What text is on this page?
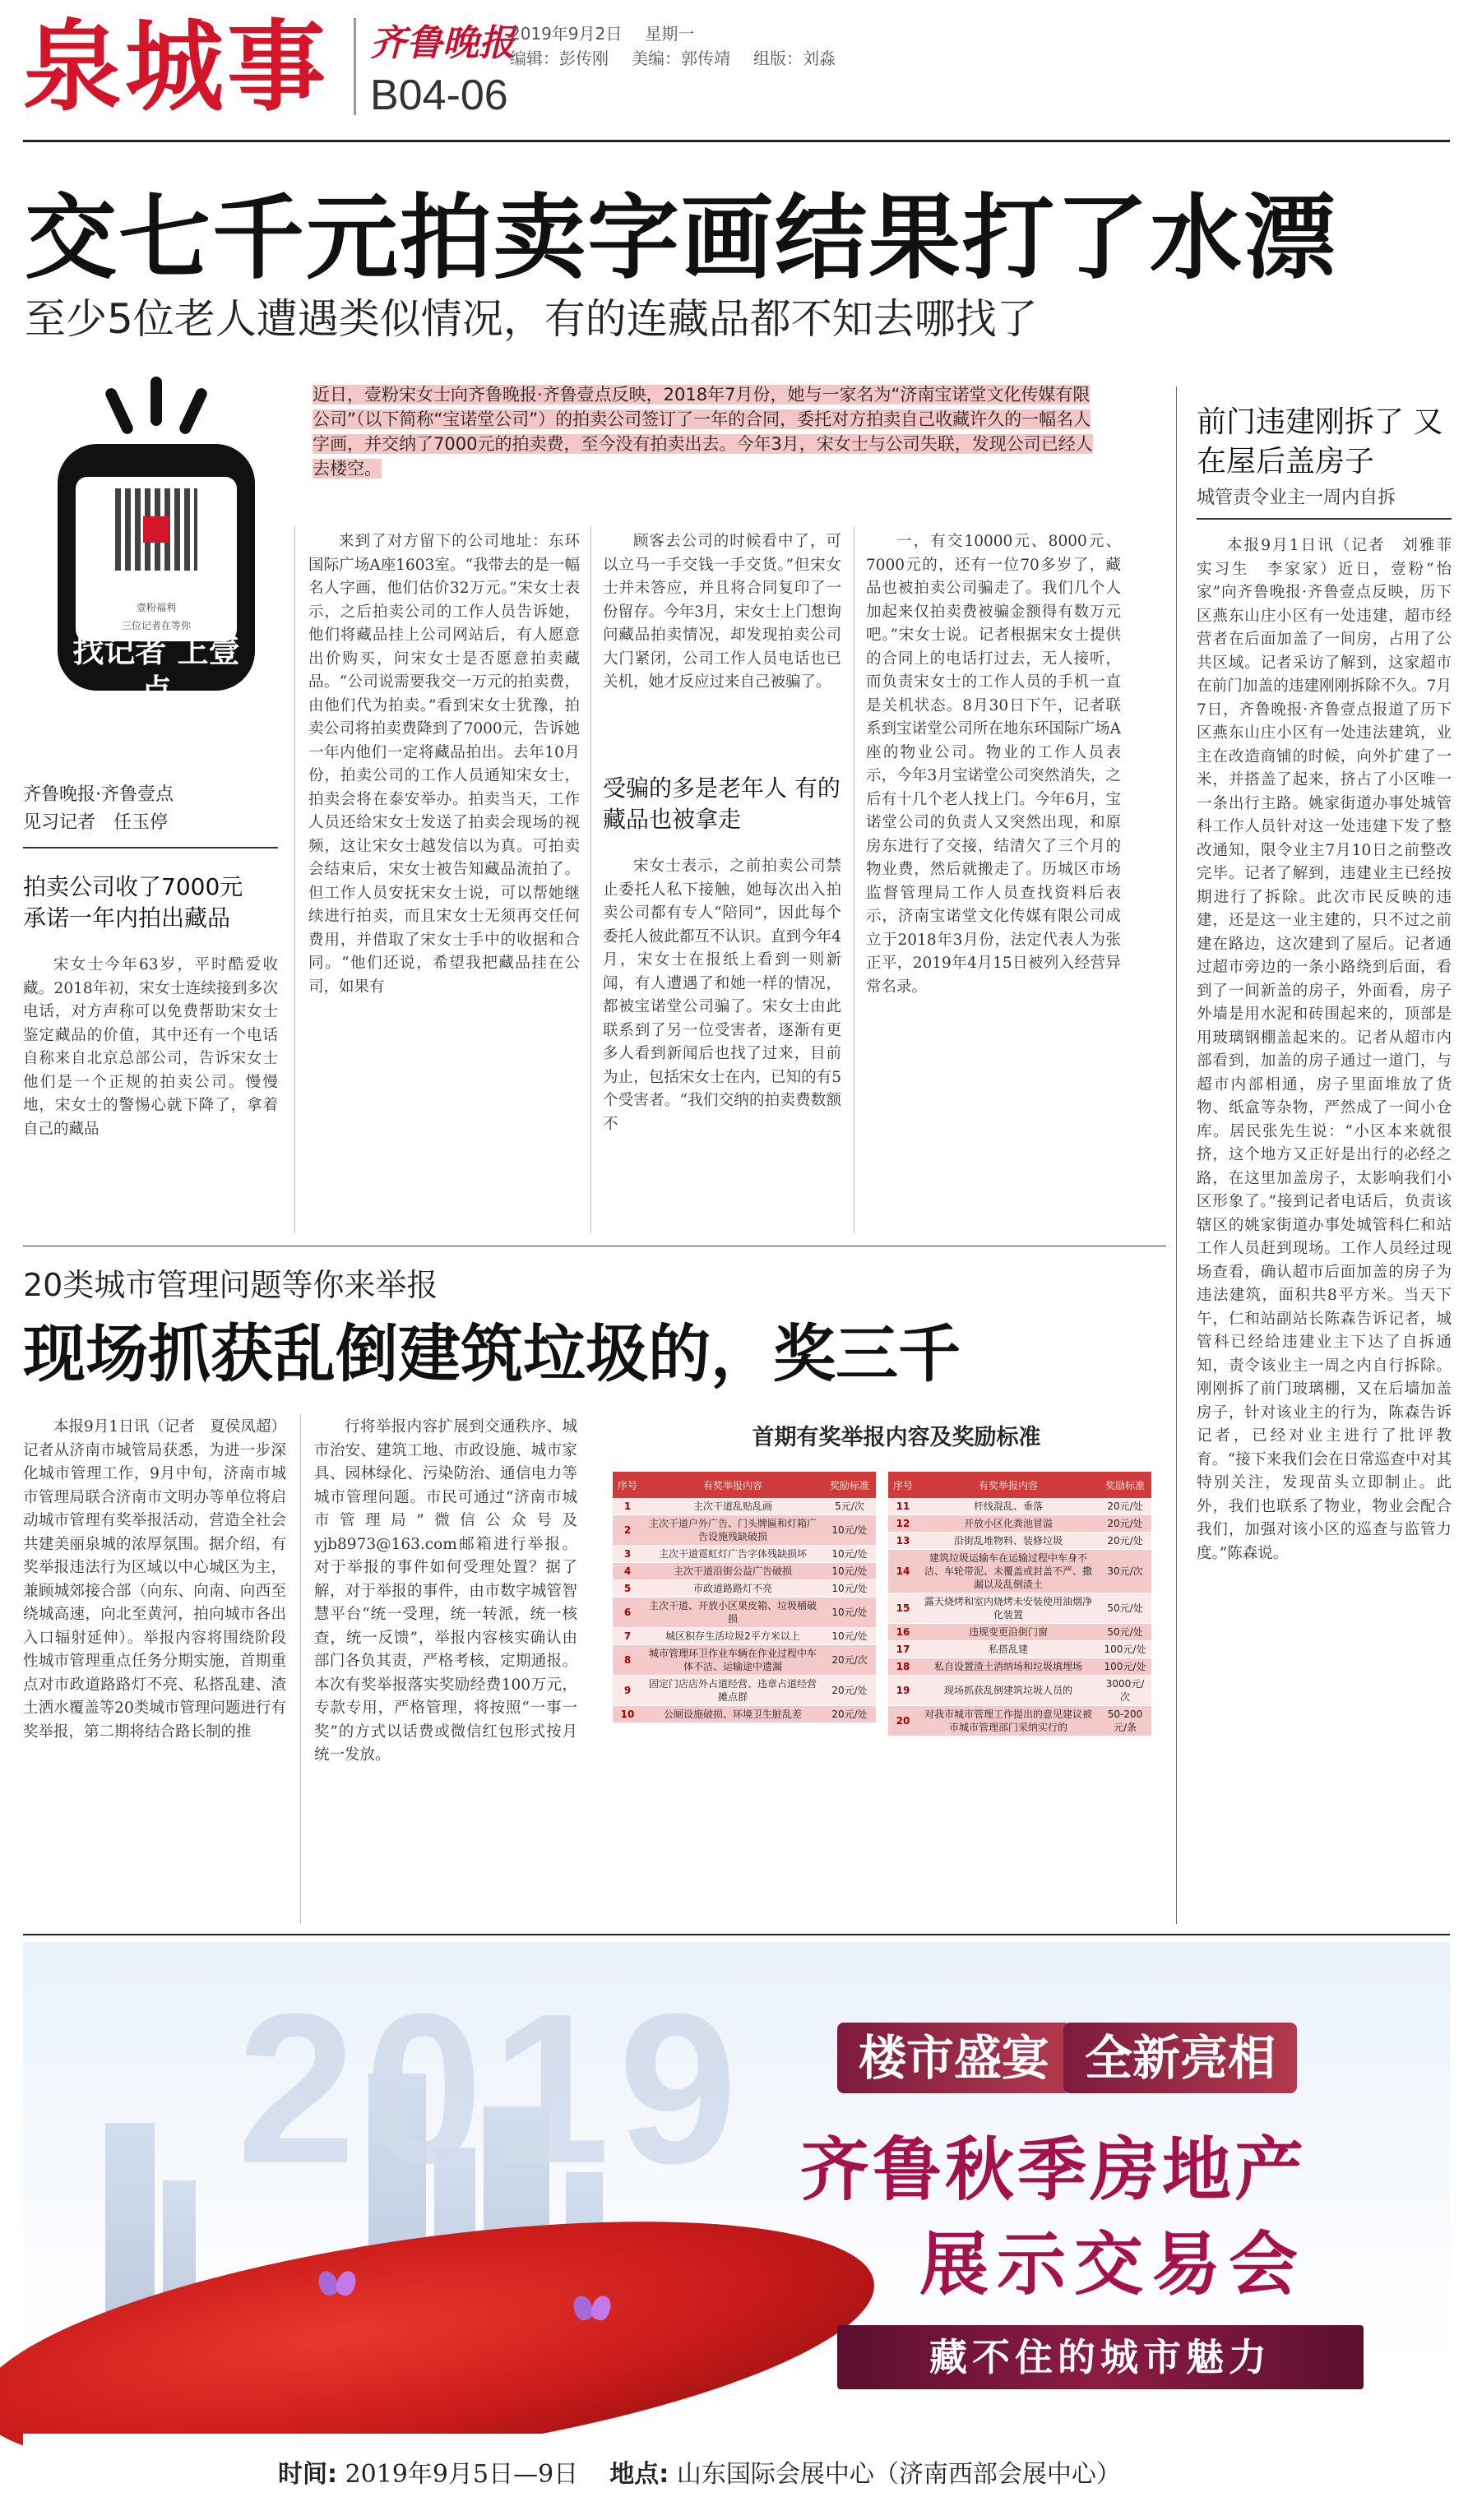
泉城事 齐鲁晚报
B04-06
2019年9月2日 星期一
编辑：彭传刚 美编：郭传靖 组版：刘淼
交七千元拍卖字画结果打了水漂
至少5位老人遭遇类似情况，有的连藏品都不知去哪找了
近日，壹粉宋女士向齐鲁晚报·齐鲁壹点反映，2018年7月份，她与一家名为“济南宝诺堂文化传媒有限公司”（以下简称“宝诺堂公司”）的拍卖公司签订了一年的合同，委托对方拍卖自己收藏许久的一幅名人字画，并交纳了7000元的拍卖费，至今没有拍卖出去。今年3月，宋女士与公司失联，发现公司已经人去楼空。
壹粉福利
三位记者在等你
找记者 上壹点
齐鲁晚报·齐鲁壹点
见习记者　任玉停
拍卖公司收了7000元 承诺一年内拍出藏品

宋女士今年63岁，平时酷爱收藏。2018年初，宋女士连续接到多次电话，对方声称可以免费帮助宋女士鉴定藏品的价值，其中还有一个电话自称来自北京总部公司，告诉宋女士他们是一个正规的拍卖公司。慢慢地，宋女士的警惕心就下降了，拿着自己的藏品

来到了对方留下的公司地址：东环国际广场A座1603室。“我带去的是一幅名人字画，他们估价32万元。”宋女士表示，之后拍卖公司的工作人员告诉她，他们将藏品挂上公司网站后，有人愿意出价购买，问宋女士是否愿意拍卖藏品。“公司说需要我交一万元的拍卖费，由他们代为拍卖。”看到宋女士犹豫，拍卖公司将拍卖费降到了7000元，告诉她一年内他们一定将藏品拍出。去年10月份，拍卖公司的工作人员通知宋女士，拍卖会将在泰安举办。拍卖当天，工作人员还给宋女士发送了拍卖会现场的视频，这让宋女士越发信以为真。可拍卖会结束后，宋女士被告知藏品流拍了。但工作人员安抚宋女士说，可以帮她继续进行拍卖，而且宋女士无须再交任何费用，并借取了宋女士手中的收据和合同。“他们还说，希望我把藏品挂在公司，如果有

顾客去公司的时候看中了，可以立马一手交钱一手交货。”但宋女士并未答应，并且将合同复印了一份留存。今年3月，宋女士上门想询问藏品拍卖情况，却发现拍卖公司大门紧闭，公司工作人员电话也已关机，她才反应过来自己被骗了。

受骗的多是老年人 有的藏品也被拿走

宋女士表示，之前拍卖公司禁止委托人私下接触，她每次出入拍卖公司都有专人“陪同”，因此每个委托人彼此都互不认识。直到今年4月，宋女士在报纸上看到一则新闻，有人遭遇了和她一样的情况，都被宝诺堂公司骗了。宋女士由此联系到了另一位受害者，逐渐有更多人看到新闻后也找了过来，目前为止，包括宋女士在内，已知的有5个受害者。“我们交纳的拍卖费数额不

一，有交10000元、8000元、7000元的，还有一位70多岁了，藏品也被拍卖公司骗走了。我们几个人加起来仅拍卖费被骗金额得有数万元吧。”宋女士说。记者根据宋女士提供的合同上的电话打过去，无人接听，而负责宋女士的工作人员的手机一直是关机状态。8月30日下午，记者联系到宝诺堂公司所在地东环国际广场A座的物业公司。物业的工作人员表示，今年3月宝诺堂公司突然消失，之后有十几个老人找上门。今年6月，宝诺堂公司的负责人又突然出现，和原房东进行了交接，结清欠了三个月的物业费，然后就搬走了。历城区市场监督管理局工作人员查找资料后表示，济南宝诺堂文化传媒有限公司成立于2018年3月份，法定代表人为张正平，2019年4月15日被列入经营异常名录。

前门违建刚拆了 又在屋后盖房子
城管责令业主一周内自拆

本报9月1日讯（记者　刘雅菲　实习生　李家家）近日，壹粉“怡家”向齐鲁晚报·齐鲁壹点反映，历下区燕东山庄小区有一处违建，超市经营者在后面加盖了一间房，占用了公共区域。记者采访了解到，这家超市在前门加盖的违建刚刚拆除不久。7月7日，齐鲁晚报·齐鲁壹点报道了历下区燕东山庄小区有一处违法建筑，业主在改造商铺的时候，向外扩建了一米，并搭盖了起来，挤占了小区唯一一条出行主路。姚家街道办事处城管科工作人员针对这一处违建下发了整改通知，限令业主7月10日之前整改完毕。记者了解到，违建业主已经按期进行了拆除。此次市民反映的违建，还是这一业主建的，只不过之前建在路边，这次建到了屋后。记者通过超市旁边的一条小路绕到后面，看到了一间新盖的房子，外面看，房子外墙是用水泥和砖围起来的，顶部是用玻璃钢棚盖起来的。记者从超市内部看到，加盖的房子通过一道门，与超市内部相通，房子里面堆放了货物、纸盒等杂物，严然成了一间小仓库。居民张先生说：“小区本来就很挤，这个地方又正好是出行的必经之路，在这里加盖房子，太影响我们小区形象了。”接到记者电话后，负责该辖区的姚家街道办事处城管科仁和站工作人员赶到现场。工作人员经过现场查看，确认超市后面加盖的房子为违法建筑，面积共8平方米。当天下午，仁和站副站长陈森告诉记者，城管科已经给违建业主下达了自拆通知，责令该业主一周之内自行拆除。刚刚拆了前门玻璃棚，又在后墙加盖房子，针对该业主的行为，陈森告诉记者，已经对业主进行了批评教育。“接下来我们会在日常巡查中对其特别关注，发现苗头立即制止。此外，我们也联系了物业，物业会配合我们，加强对该小区的巡查与监管力度。”陈森说。

20类城市管理问题等你来举报
现场抓获乱倒建筑垃圾的，奖三千

本报9月1日讯（记者　夏侯凤超）记者从济南市城管局获悉，为进一步深化城市管理工作，9月中旬，济南市城市管理局联合济南市文明办等单位将启动城市管理有奖举报活动，营造全社会共建美丽泉城的浓厚氛围。据介绍，有奖举报违法行为区域以中心城区为主，兼顾城郊接合部（向东、向南、向西至绕城高速，向北至黄河，拍向城市各出入口辐射延伸）。举报内容将围绕阶段性城市管理重点任务分期实施，首期重点对市政道路路灯不亮、私搭乱建、渣土洒水覆盖等20类城市管理问题进行有奖举报，第二期将结合路长制的推

行将举报内容扩展到交通秩序、城市治安、建筑工地、市政设施、城市家具、园林绿化、污染防治、通信电力等城市管理问题。市民可通过“济南市城市管理局”微信公众号及yjb8973@163.com邮箱进行举报。对于举报的事件如何受理处置？据了解，对于举报的事件，由市数字城管智慧平台“统一受理，统一转派，统一核查，统一反馈”，举报内容核实确认由部门各负其责，严格考核，定期通报。本次有奖举报落实奖励经费100万元，专款专用，严格管理，将按照“一事一奖”的方式以话费或微信红包形式按月统一发放。

首期有奖举报内容及奖励标准
序号	有奖举报内容	奖励标准
1	主次干道乱贴乱画	5元/次
2	主次干道户外广告、门头牌匾和灯箱广告设施残缺破损	10元/处
3	主次干道霓虹灯广告字体残缺损坏	10元/处
4	主次干道沿街公益广告破损	10元/处
5	市政道路路灯不亮	10元/处
6	主次干道、开放小区果皮箱、垃圾桶破损	10元/处
7	城区积存生活垃圾2平方米以上	10元/处
8	城市管理环卫作业车辆在作业过程中车体不洁、运输途中遗漏	20元/次
9	固定门店店外占道经营、违章占道经营摊点群	20元/处
10	公厕设施破损、环境卫生脏乱差	20元/处
序号	有奖举报内容	奖励标准
11	杆线混乱、垂落	20元/处
12	开放小区化粪池冒溢	20元/处
13	沿街乱堆物料、装修垃圾	20元/处
14	建筑垃圾运输车在运输过程中车身不洁、车轮带泥、未覆盖或封盖不严、撒漏以及乱倒渣土	30元/次
15	露天烧烤和室内烧烤未安装使用油烟净化装置	50元/处
16	违规变更沿街门窗	50元/处
17	私搭乱建	100元/处
18	私自设置渣土消纳场和垃圾填埋场	100元/处
19	现场抓获乱倒建筑垃圾人员的	3000元/次
20	对我市城市管理工作提出的意见建议被市城市管理部门采纳实行的	50-200元/条
2019	楼市盛宴 全新亮相
齐鲁秋季房地产
展示交易会
藏不住的城市魅力
时间: 2019年9月5日—9日 地点: 山东国际会展中心（济南西部会展中心）
